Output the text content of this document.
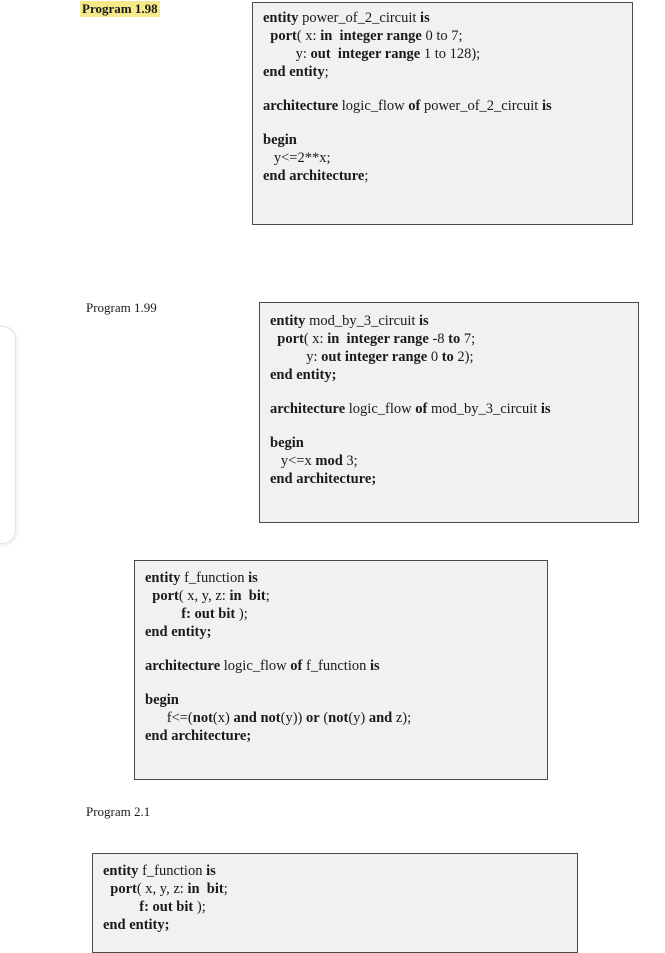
Program 1.98
entity power_of_2_circuit is
port( x: in  integer range 0 to 7;
y: out  integer range 1 to 128);
end entity;
architecture logic_flow of power_of_2_circuit is
begin
y<=2**x;
end architecture;
Program 1.99
entity mod_by_3_circuit is
port( x: in  integer range -8 to 7;
y: out integer range 0 to 2);
end entity;
architecture logic_flow of mod_by_3_circuit is
begin
y<=x mod 3;
end architecture;
entity f_function is
port( x, y, z: in  bit;
f: out bit );
end entity;
architecture logic_flow of f_function is
begin
f<=(not(x) and not(y)) or (not(y) and z);
end architecture;
Program 2.1
entity f_function is
port( x, y, z: in  bit;
f: out bit );
end entity;
